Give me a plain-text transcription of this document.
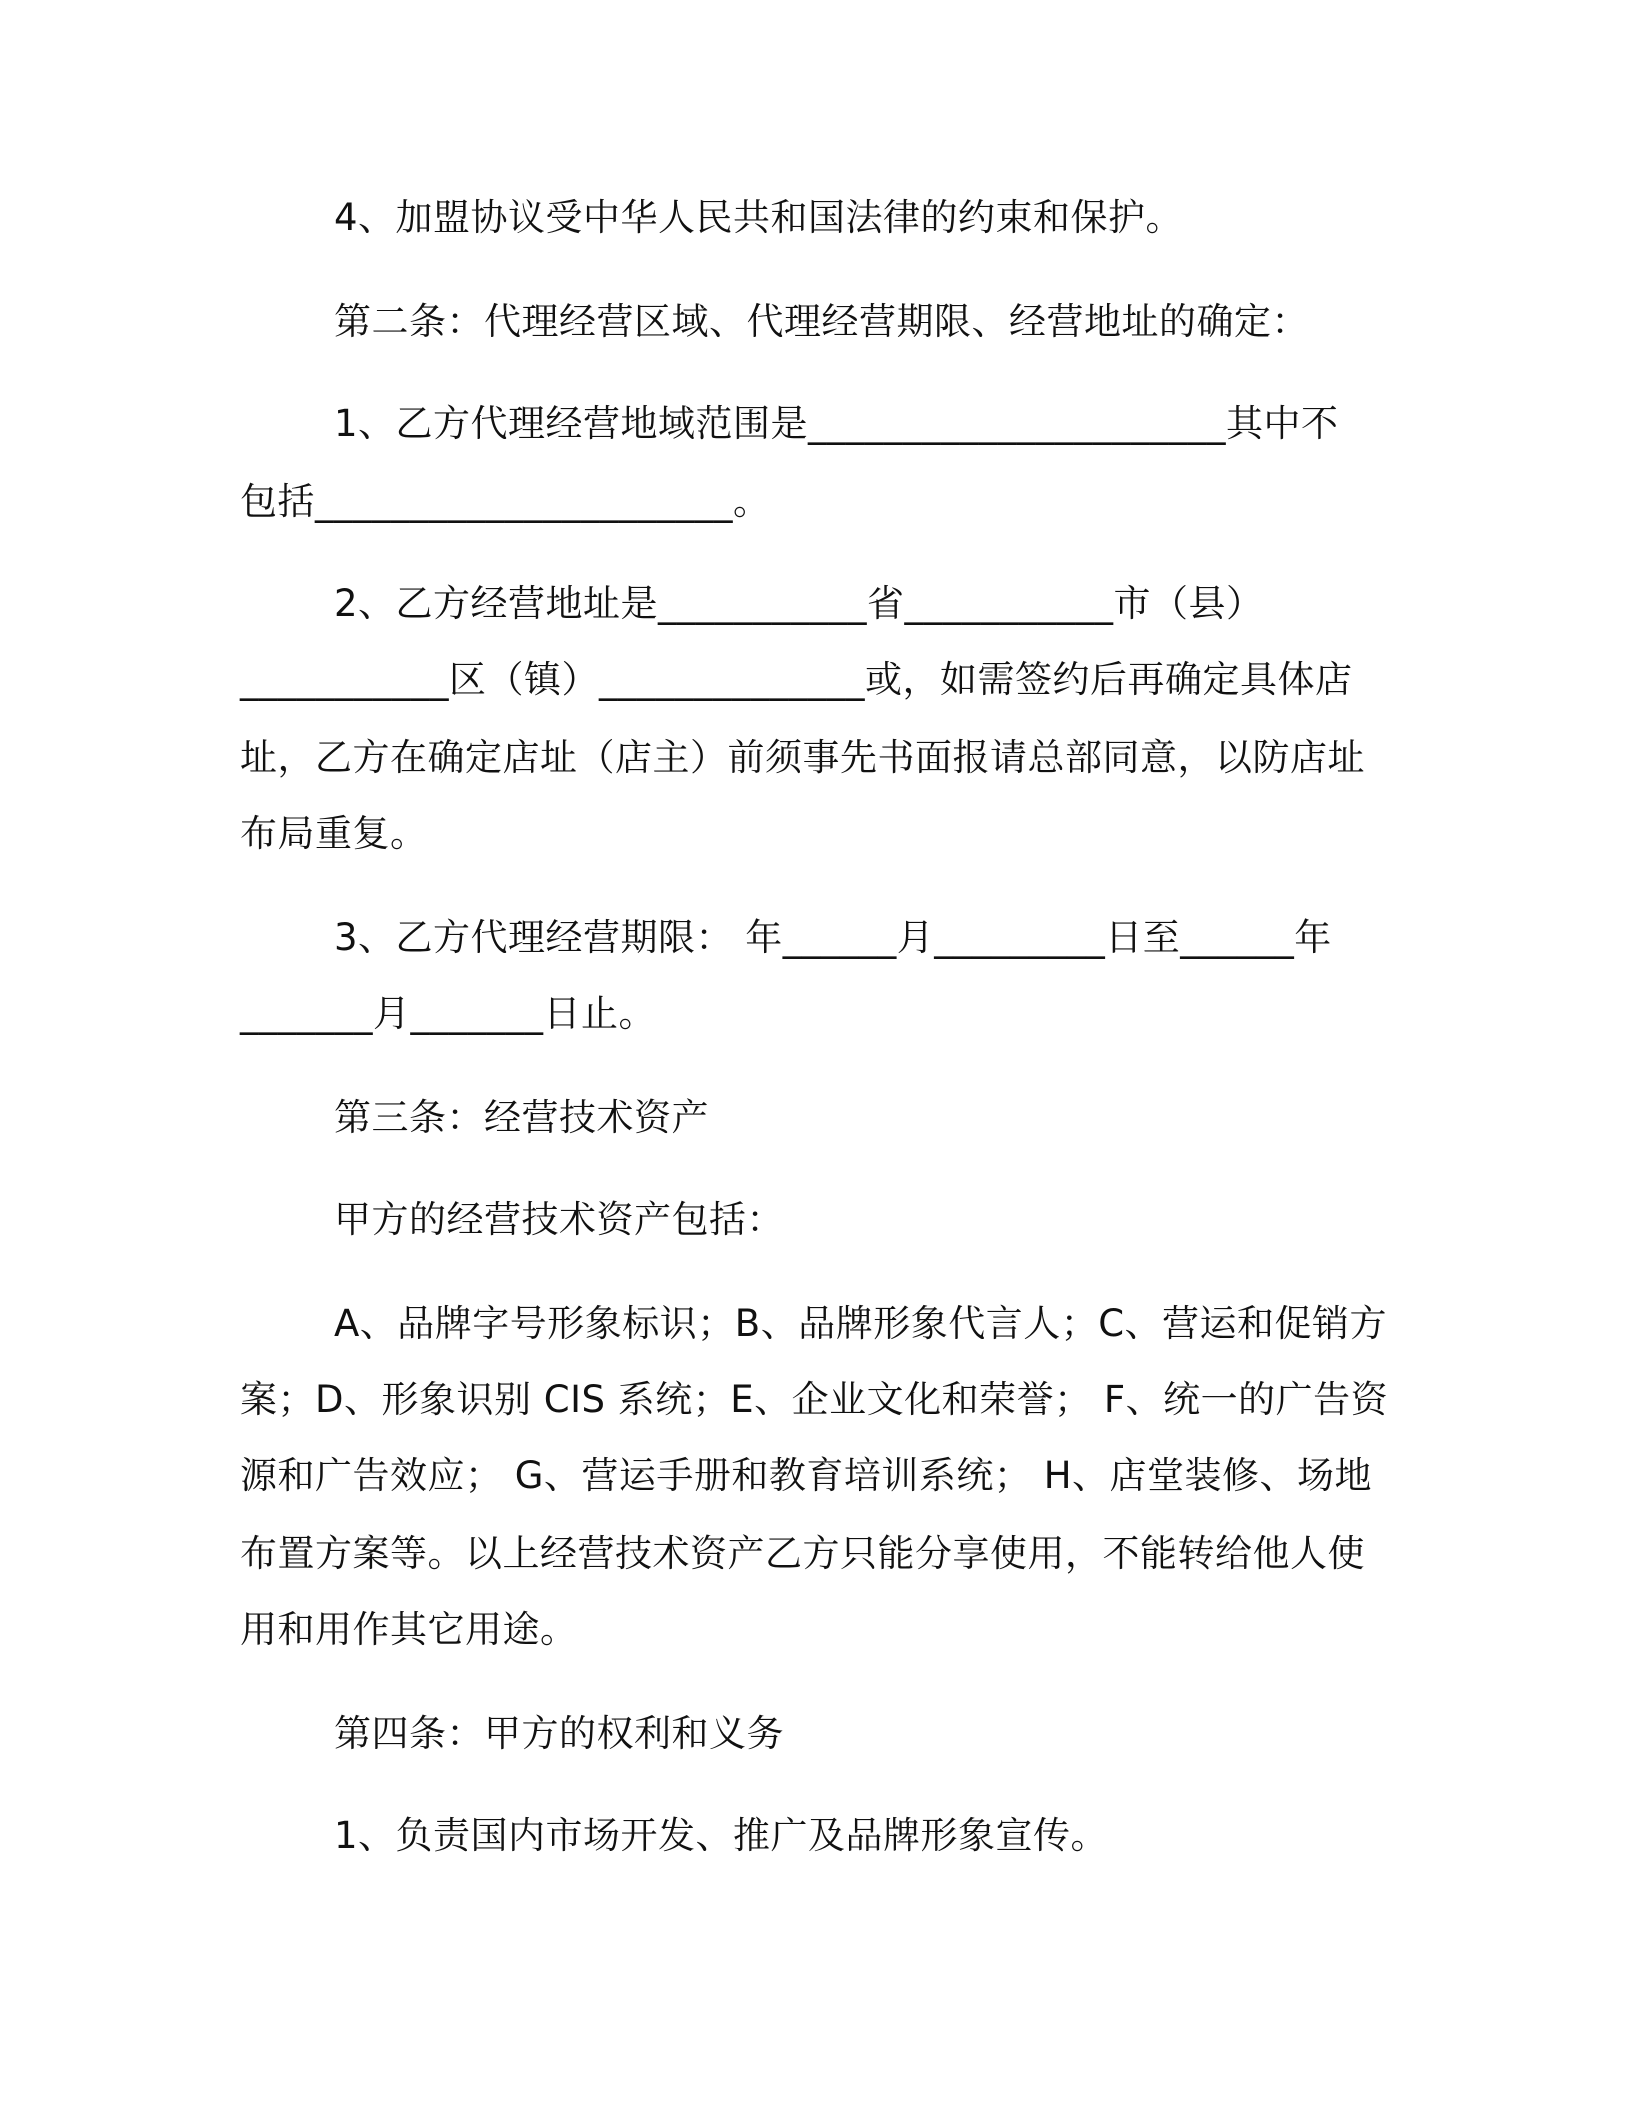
4、加盟协议受中华人民共和国法律的约束和保护。
第二条：代理经营区域、代理经营期限、经营地址的确定：
1、乙方代理经营地域范围是______________________其中不
包括______________________。
2、乙方经营地址是___________省___________市（县）
___________区（镇）______________或，如需签约后再确定具体店
址，乙方在确定店址（店主）前须事先书面报请总部同意，以防店址
布局重复。
3、乙方代理经营期限： 年______月_________日至______年
_______月_______日止。
第三条：经营技术资产
甲方的经营技术资产包括：
A、品牌字号形象标识；B、品牌形象代言人；C、营运和促销方
案；D、形象识别 CIS 系统；E、企业文化和荣誉； F、统一的广告资
源和广告效应； G、营运手册和教育培训系统； H、店堂装修、场地
布置方案等。以上经营技术资产乙方只能分享使用，不能转给他人使
用和用作其它用途。
第四条：甲方的权利和义务
1、负责国内市场开发、推广及品牌形象宣传。
